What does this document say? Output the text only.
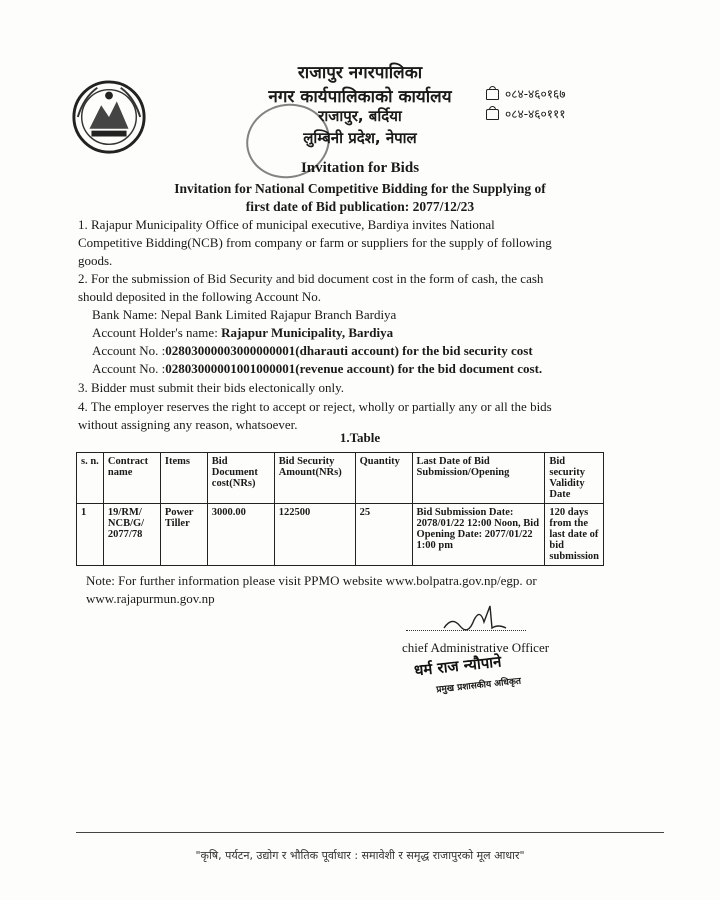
राजापुर नगरपालिका
नगर कार्यपालिकाको कार्यालय
राजापुर, बर्दिया
लुम्बिनी प्रदेश, नेपाल
०८४-४६०१६७
०८४-४६०१११
Invitation for Bids
Invitation for National Competitive Bidding for the Supplying of
first date of Bid publication: 2077/12/23
1. Rajapur Municipality Office of municipal executive, Bardiya invites National Competitive Bidding(NCB) from company or farm or suppliers for the supply of following goods.
2. For the submission of Bid Security and bid document cost in the form of cash, the cash should deposited in the following Account No.
Bank Name: Nepal Bank Limited Rajapur Branch Bardiya
Account Holder's name: Rajapur Municipality, Bardiya
Account No. :02803000003000000001(dharauti account) for the bid security cost
Account No. :02803000001001000001(revenue account) for the bid document cost.
3. Bidder must submit their bids electonically only.
4. The employer reserves the right to accept or reject, wholly or partially any or all the bids without assigning any reason, whatsoever.
1.Table
s. n.	Contract name	Items	Bid Document cost(NRs)	Bid Security Amount(NRs)	Quantity	Last Date of Bid Submission/Opening	Bid security Validity Date
1	19/RM/ NCB/G/ 2077/78	Power Tiller	3000.00	122500	25	Bid Submission Date: 2078/01/22 12:00 Noon, Bid Opening Date: 2077/01/22 1:00 pm	120 days from the last date of bid submission
Note: For further information please visit PPMO website www.bolpatra.gov.np/egp. or www.rajapurmun.gov.np
chief Administrative Officer
धर्म राज न्यौपाने
प्रमुख प्रशासकीय अधिकृत
"कृषि, पर्यटन, उद्योग र भौतिक पूर्वाधार : समावेशी र समृद्ध राजापुरको मूल आधार"
